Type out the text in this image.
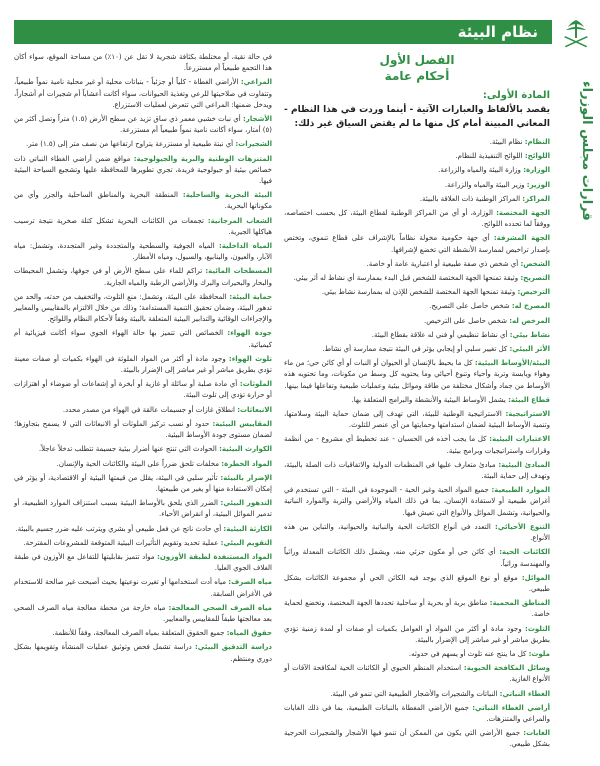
قرارات مجلس الوزراء
نظام البيئة
الفصل الأول
أحكام عامة
المادة الأولى:
يقصد بالألفاظ والعبارات الآتية - أينما وردت في هذا النظام - المعاني المبينة أمام كل منها ما لم يقتض السياق غير ذلك:

النظام: نظام البيئة.

اللوائح: اللوائح التنفيذية للنظام.

الوزارة: وزارة البيئة والمياه والزراعة.

الوزير: وزير البيئة والمياه والزراعة.

المراكز: المراكز الوطنية ذات العلاقة بالبيئة.

الجهة المختصة: الوزارة، أو أي من المراكز الوطنية لقطاع البيئة، كل بحسب اختصاصه، ووفقاً لما تحدده اللوائح.

الجهة المشرفة: أي جهة حكومية مخولة نظاماً بالإشراف على قطاع تنموي، وتختص بإصدار تراخيص لممارسة الأنشطة التي تخضع لإشرافها.

الشخص: أي شخص ذي صفة طبيعية أو اعتبارية عامة أو خاصة.

التصريح: وثيقة تمنحها الجهة المختصة للشخص قبل البدء بممارسة أي نشاط له أثر بيئي.

الترخيص: وثيقة تمنحها الجهة المختصة للشخص للإذن له بممارسة نشاط بيئي.

المصرح له: شخص حاصل على التصريح.

المرخص له: شخص حاصل على الترخيص.

نشاط بيئي: أي نشاط تنظيمي أو فني له علاقة بقطاع البيئة.

الأثر البيئي: كل تغيير سلبي أو إيجابي يؤثر في البيئة نتيجة ممارسة أي نشاط.

البيئة/الأوساط البيئية: كل ما يحيط بالإنسان أو الحيوان أو النبات أو أي كائن حي؛ من ماء وهواء ويابسة وتربة وأحياء وتنوع أحيائي وما يحتويه كل وسط من مكونات، وما تحتويه هذه الأوساط من جماد وأشكال مختلفة من طاقة وموائل بيئية وعمليات طبيعية وتفاعلها فيما بينها.

قطاع البيئة: يشمل الأوساط البيئية والأنشطة والبرامج المتعلقة بها.

الاستراتيجية: الاستراتيجية الوطنية للبيئة، التي تهدف إلى ضمان حماية البيئة وسلامتها، وتنمية الأوساط البيئية لضمان استدامتها وحمايتها من أي عنصر للتلوث.

الاعتبارات البيئية: كل ما يجب أخذه في الحسبان - عند تخطيط أي مشروع - من أنظمة وقرارات واستراتيجيات وبرامج بيئية.

المبادئ البيئية: مبادئ متعارف عليها في المنظمات الدولية والاتفاقيات ذات الصلة بالبيئة، وتهدف إلى حماية البيئة.

الموارد الطبيعية: جميع المواد الحية وغير الحية - الموجودة في البيئة - التي تستخدم في أغراض طبيعية أو لاستفادة الإنسان، بما في ذلك المياه والأراضي والتربة والموارد النباتية والحيوانية، وتشمل الموائل والأنواع التي تعيش فيها.

التنوع الأحيائي: التعدد في أنواع الكائنات الحية والنباتية والحيوانية، والتباين بين هذه الأنواع.

الكائنات الحية: أي كائن حي أو مكون جزئي منه، ويشمل ذلك الكائنات المعدلة وراثياً والمهندسة وراثياً.

الموائل: موقع أو نوع الموقع الذي يوجد فيه الكائن الحي أو مجموعة الكائنات بشكل طبيعي.

المناطق المحمية: مناطق برية أو بحرية أو ساحلية تحددها الجهة المختصة، وتخضع لحماية خاصة.

التلوث: وجود مادة أو أكثر من المواد أو العوامل بكميات أو صفات أو لمدة زمنية تؤدي بطريق مباشر أو غير مباشر إلى الإضرار بالبيئة.

ملوث: كل ما ينتج عنه تلوث أو يسهم في حدوثه.

وسائل المكافحة الحيوية: استخدام المنظم الحيوي أو الكائنات الحية لمكافحة الآفات أو الأنواع الغازية.

الغطاء النباتي: النباتات والشجيرات والأشجار الطبيعية التي تنمو في البيئة.

أراضي الغطاء النباتي: جميع الأراضي المغطاة بالنباتات الطبيعية، بما في ذلك الغابات والمراعي والمتنزهات.

الغابات: جميع الأراضي التي يكون من الممكن أن تنمو فيها الأشجار والشجيرات الحرجية بشكل طبيعي.

في حالة نقية، أو مختلطة بكثافة شجرية لا تقل عن (١٠٪) من مساحة الموقع، سواء أكان هذا التجمع طبيعياً أم مستزرعاً.

المراعي: الأراضي الغطاة - كلياً أو جزئياً - بنباتات محلية أو غير محلية نامية نمواً طبيعياً، وتتفاوت في صلاحيتها للرعي وتغذية الحيوانات، سواء أكانت أعشاباً أم شجيرات أم أشجاراً، ويدخل ضمنها: المراعي التي تتعرض لعمليات الاستزراع.

الأشجار: أي نبات خشبي معمر ذي ساق تزيد عن سطح الأرض (١.٥) متراً وتصل أكثر من (٥) أمتار، سواء أكانت نامية نمواً طبيعياً أم مستزرعة.

الشجيرات: أي نبتة طبيعية أو مستزرعة يتراوح ارتفاعها من نصف متر إلى (١.٥) متر.

المتنزهات الوطنية والبرية والجيولوجية: مواقع ضمن أراضي الغطاء النباتي ذات خصائص بيئية أو جيولوجية فريدة، تجري تطويرها للمحافظة عليها وتشجيع السياحة البيئية فيها.

البيئة البحرية والساحلية: المنطقة البحرية والمناطق الساحلية والجزر وأي من مكوناتها البحرية.

الشعاب المرجانية: تجمعات من الكائنات البحرية تشكل كتلة صخرية نتيجة ترسيب هياكلها الجيرية.

المياه الداخلية: المياه الجوفية والسطحية والمتجددة وغير المتجددة، وتشمل: مياه الآبار، والعيون، والينابيع، والسيول، ومياه الأمطار.

المسطحات المائية: تراكم للماء على سطح الأرض أو في جوفها، وتشمل المحيطات والبحار والبحيرات والبرك والأراضي الرطبة والمياه الجارية.

حماية البيئة: المحافظة على البيئة، وتشمل: منع التلوث، والتخفيف من حدته، والحد من تدهور البيئة، وضمان تحقيق التنمية المستدامة؛ وذلك من خلال الالتزام بالمقاييس والمعايير والإجراءات الوقائية والتدابير البيئية المتعلقة بالبيئة وفقاً لأحكام النظام واللوائح.

جودة الهواء: الخصائص التي تتميز بها حالة الهواء الجوي سواء أكانت فيزيائية أم كيميائية.

تلوث الهواء: وجود مادة أو أكثر من المواد الملوثة في الهواء بكميات أو صفات معينة تؤدي بطريق مباشر أو غير مباشر إلى الإضرار بالبيئة.

الملوثات: أي مادة صلبة أو سائلة أو غازية أو أبخرة أو إشعاعات أو ضوضاء أو اهتزازات أو حرارة تؤدي إلى تلوث البيئة.

الانبعاثات: انطلاق غازات أو جسيمات عالقة في الهواء من مصدر محدد.

المقاييس البيئية: حدود أو نسب تركيز الملوثات أو الانبعاثات التي لا يسمح بتجاوزها؛ لضمان مستوى جودة الأوساط البيئية.

الكوارث البيئية: الحوادث التي تنتج عنها أضرار بيئية جسيمة تتطلب تدخلاً عاجلاً.

المواد الخطرة: مخلفات تلحق ضرراً على البيئة والكائنات الحية والإنسان.

الإضرار بالبيئة: تأثير سلبي في البيئة، يقلل من قيمتها البيئية أو الاقتصادية، أو يؤثر في إمكان الاستفادة منها أو يغير من طبيعتها.

التدهور البيئي: الضرر الذي يلحق بالأوساط البيئية بسبب استنزاف الموارد الطبيعية، أو تدمير الموائل البيئية، أو انقراض الأحياء.

الكارثة البيئية: أي حادث ناتج عن فعل طبيعي أو بشري ويترتب عليه ضرر جسيم بالبيئة.

التقويم البيئي: عملية تحديد وتقويم التأثيرات البيئية المتوقعة للمشروعات المقترحة.

المواد المستنفدة لطبقة الأوزون: مواد تتميز بقابليتها للتفاعل مع الأوزون في طبقة الغلاف الجوي العليا.

مياه الصرف: مياه أدت استخدامها أو تغيرت نوعيتها بحيث أصبحت غير صالحة للاستخدام في الأغراض السابقة.

مياه الصرف الصحي المعالجة: مياه خارجة من محطة معالجة مياه الصرف الصحي بعد معالجتها طبقاً للمقاييس والمعايير.

حقوق المياه: جميع الحقوق المتعلقة بمياه الصرف المعالجة، وفقاً للأنظمة.

دراسة التدقيق البيئي: دراسة تشمل فحص وتوثيق عمليات المنشأة وتقويمها بشكل دوري ومنتظم.
